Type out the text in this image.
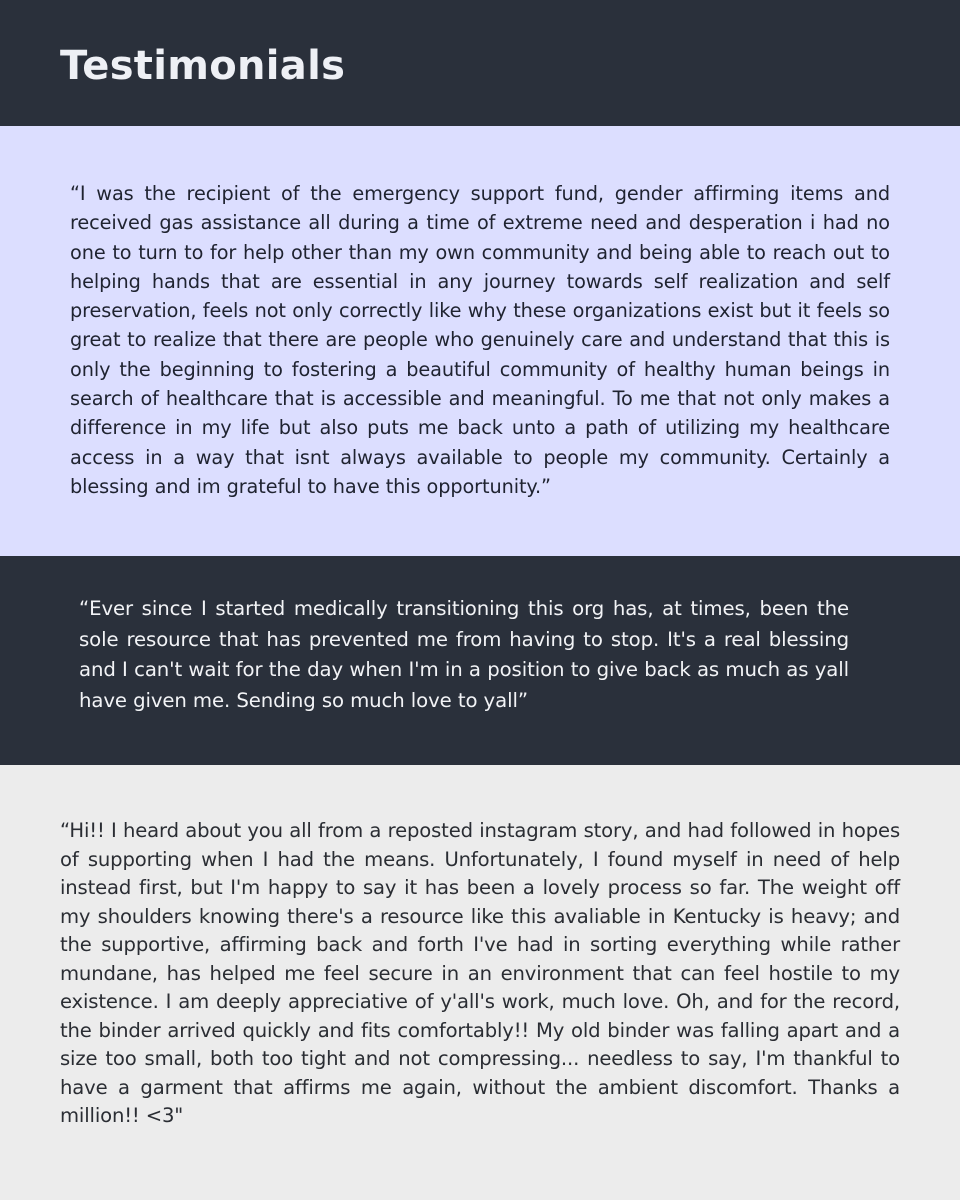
Testimonials

“I was the recipient of the emergency support fund, gender affirming items and received gas assistance all during a time of extreme need and desperation i had no one to turn to for help other than my own community and being able to reach out to helping hands that are essential in any journey towards self realization and self preservation, feels not only correctly like why these organizations exist but it feels so great to realize that there are people who genuinely care and understand that this is only the beginning to fostering a beautiful community of healthy human beings in search of healthcare that is accessible and meaningful. To me that not only makes a difference in my life but also puts me back unto a path of utilizing my healthcare access in a way that isnt always available to people my community. Certainly a blessing and im grateful to have this opportunity.”

“Ever since I started medically transitioning this org has, at times, been the sole resource that has prevented me from having to stop. It's a real blessing and I can't wait for the day when I'm in a position to give back as much as yall have given me. Sending so much love to yall”

“Hi!! I heard about you all from a reposted instagram story, and had followed in hopes of supporting when I had the means. Unfortunately, I found myself in need of help instead first, but I'm happy to say it has been a lovely process so far. The weight off my shoulders knowing there's a resource like this avaliable in Kentucky is heavy; and the supportive, affirming back and forth I've had in sorting everything while rather mundane, has helped me feel secure in an environment that can feel hostile to my existence. I am deeply appreciative of y'all's work, much love. Oh, and for the record, the binder arrived quickly and fits comfortably!! My old binder was falling apart and a size too small, both too tight and not compressing... needless to say, I'm thankful to have a garment that affirms me again, without the ambient discomfort. Thanks a million!! <3"
